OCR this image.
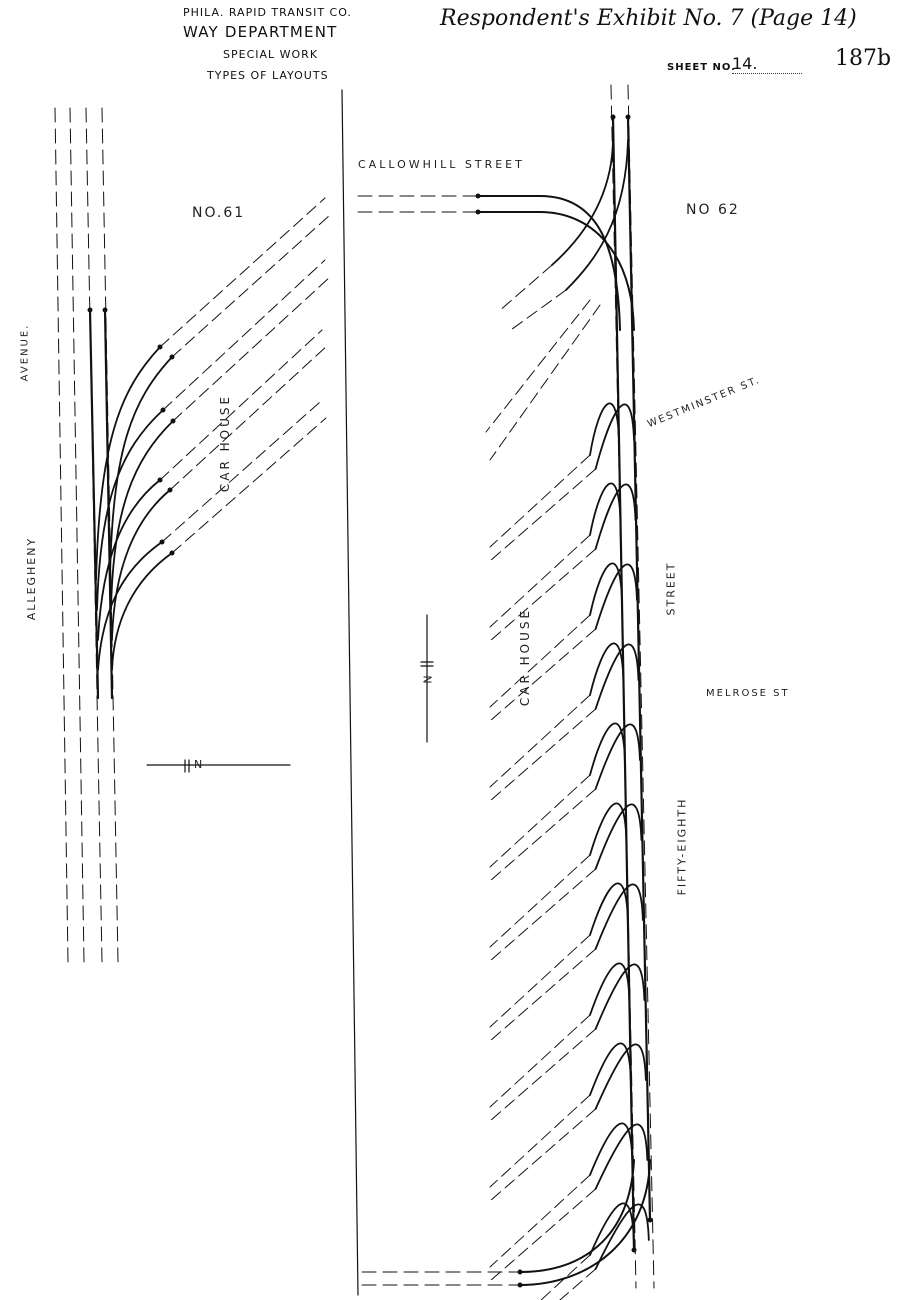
PHILA. RAPID TRANSIT CO.
WAY DEPARTMENT
SPECIAL WORK
TYPES OF LAYOUTS
Respondent's Exhibit No. 7 (Page 14)
SHEET NO.
14.	187b
NO.61
ALLEGHENY
AVENUE.
CAR HOUSE
N
NO 62
CALLOWHILL STREET
WESTMINSTER ST.
MELROSE ST
STREET
FIFTY-EIGHTH
CAR HOUSE
N
